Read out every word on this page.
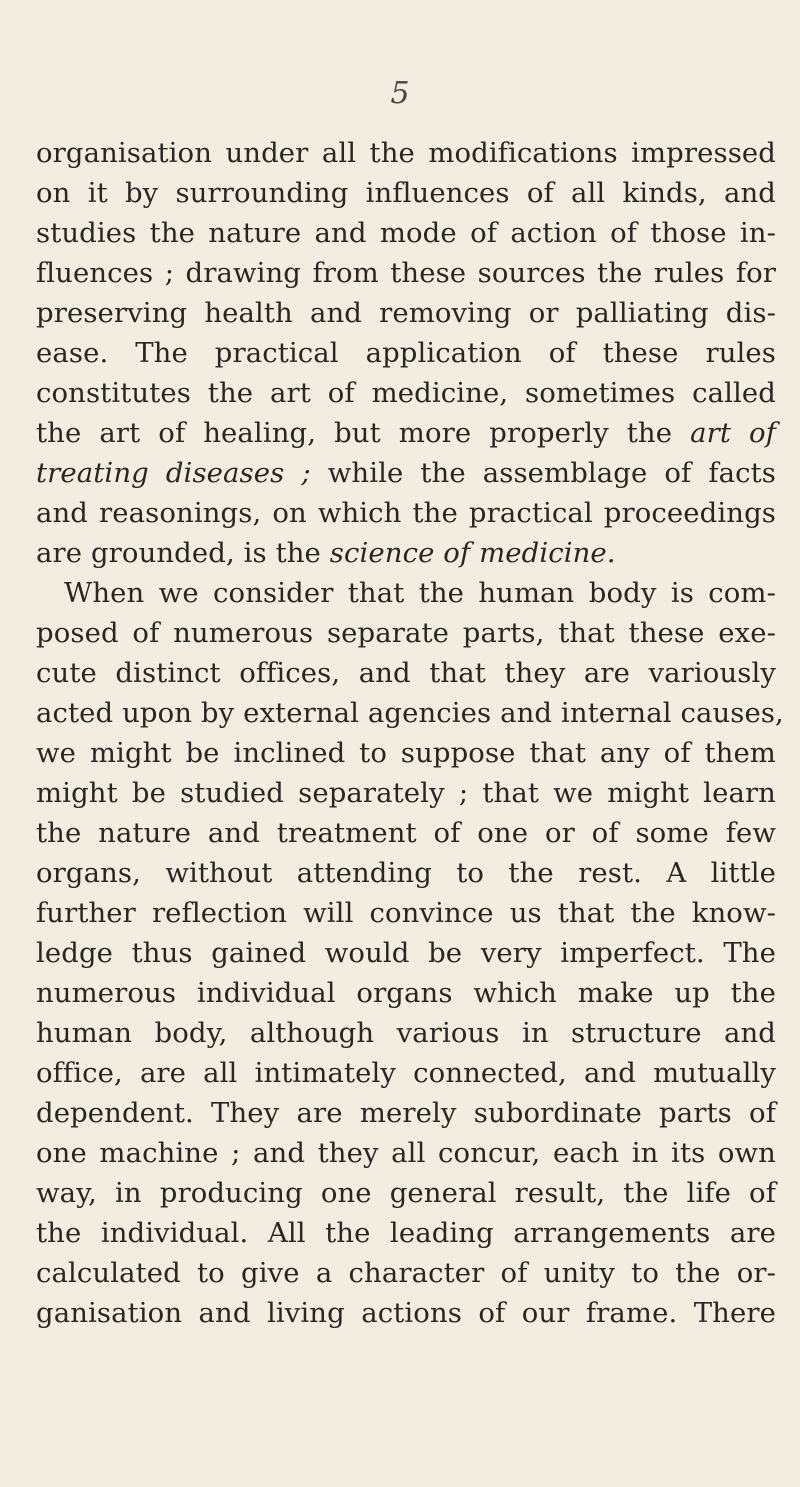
5
organisation under all the modifications impressed
on it by surrounding influences of all kinds, and
studies the nature and mode of action of those in-
fluences ; drawing from these sources the rules for
preserving health and removing or palliating dis-
ease. The practical application of these rules
constitutes the art of medicine, sometimes called
the art of healing, but more properly the art of
treating diseases ; while the assemblage of facts
and reasonings, on which the practical proceedings
are grounded, is the science of medicine.
When we consider that the human body is com-
posed of numerous separate parts, that these exe-
cute distinct offices, and that they are variously
acted upon by external agencies and internal causes,
we might be inclined to suppose that any of them
might be studied separately ; that we might learn
the nature and treatment of one or of some few
organs, without attending to the rest. A little
further reflection will convince us that the know-
ledge thus gained would be very imperfect. The
numerous individual organs which make up the
human body, although various in structure and
office, are all intimately connected, and mutually
dependent. They are merely subordinate parts of
one machine ; and they all concur, each in its own
way, in producing one general result, the life of
the individual. All the leading arrangements are
calculated to give a character of unity to the or-
ganisation and living actions of our frame. There
